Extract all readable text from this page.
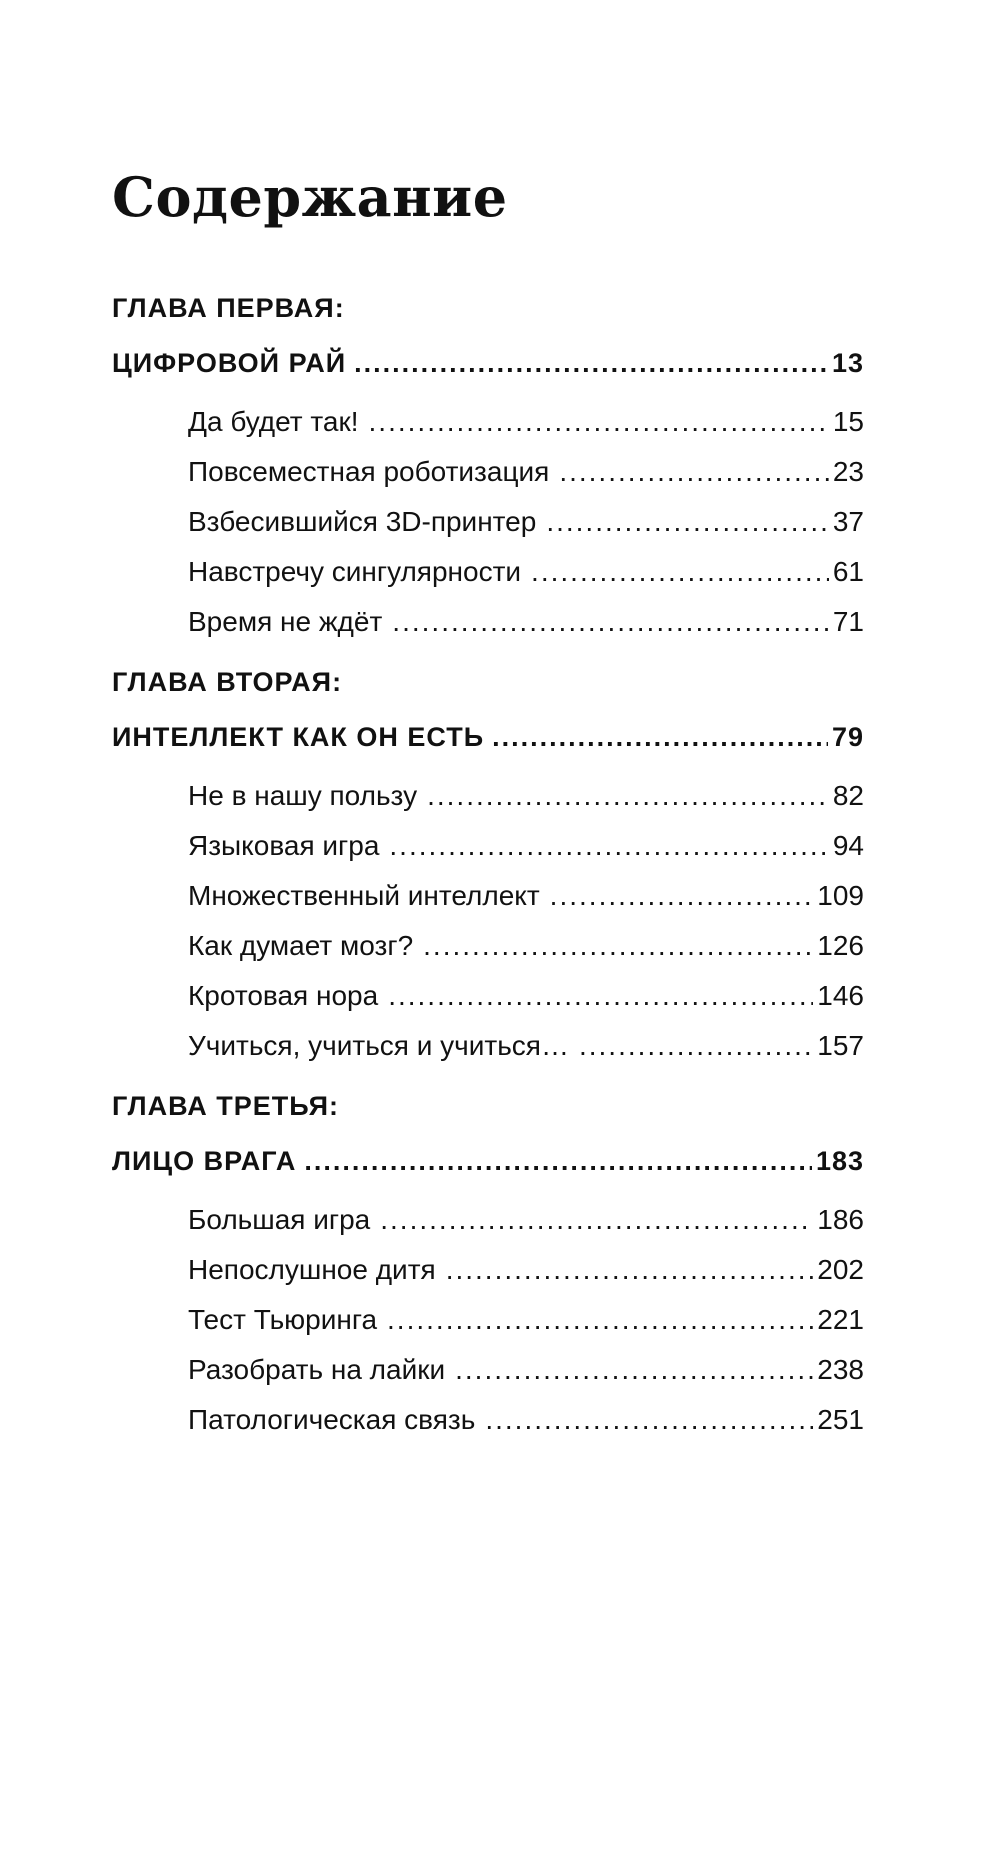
Содержание
ГЛАВА ПЕРВАЯ:
ЦИФРОВОЙ РАЙ .....	13
Да будет так! .....	15
Повсеместная роботизация .....	23
Взбесившийся 3D-принтер .....	37
Навстречу сингулярности .....	61
Время не ждёт .....	71
ГЛАВА ВТОРАЯ:
ИНТЕЛЛЕКТ КАК ОН ЕСТЬ .....	79
Не в нашу пользу .....	82
Языковая игра .....	94
Множественный интеллект .....	109
Как думает мозг? .....	126
Кротовая нора .....	146
Учиться, учиться и учиться… .....	157
ГЛАВА ТРЕТЬЯ:
ЛИЦО ВРАГА .....	183
Большая игра .....	186
Непослушное дитя .....	202
Тест Тьюринга .....	221
Разобрать на лайки .....	238
Патологическая связь .....	251
